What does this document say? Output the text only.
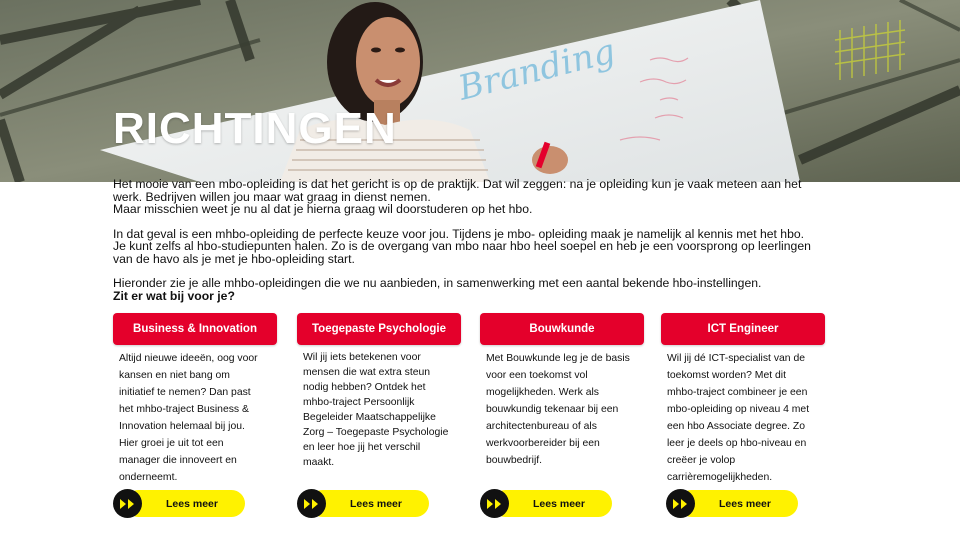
Branding
RICHTINGEN

Het mooie van een mbo-opleiding is dat het gericht is op de praktijk. Dat wil zeggen: na je opleiding kun je vaak meteen aan het
werk. Bedrijven willen jou maar wat graag in dienst nemen.
Maar misschien weet je nu al dat je hierna graag wil doorstuderen op het hbo.

In dat geval is een mhbo-opleiding de perfecte keuze voor jou. Tijdens je mbo- opleiding maak je namelijk al kennis met het hbo.
Je kunt zelfs al hbo-studiepunten halen. Zo is de overgang van mbo naar hbo heel soepel en heb je een voorsprong op leerlingen
van de havo als je met je hbo-opleiding start.

Hieronder zie je alle mhbo-opleidingen die we nu aanbieden, in samenwerking met een aantal bekende hbo-instellingen.
Zit er wat bij voor je?

Business & Innovation
Altijd nieuwe ideeën, oog voor
kansen en niet bang om
initiatief te nemen? Dan past
het mhbo-traject Business &
Innovation helemaal bij jou.
Hier groei je uit tot een
manager die innoveert en
onderneemt.
Lees meer
Toegepaste Psychologie
Wil jij iets betekenen voor
mensen die wat extra steun
nodig hebben? Ontdek het
mhbo-traject Persoonlijk
Begeleider Maatschappelijke
Zorg – Toegepaste Psychologie
en leer hoe jij het verschil
maakt.
Lees meer
Bouwkunde
Met Bouwkunde leg je de basis
voor een toekomst vol
mogelijkheden. Werk als
bouwkundig tekenaar bij een
architectenbureau of als
werkvoorbereider bij een
bouwbedrijf.
Lees meer
ICT Engineer
Wil jij dé ICT-specialist van de
toekomst worden? Met dit
mhbo-traject combineer je een
mbo-opleiding op niveau 4 met
een hbo Associate degree. Zo
leer je deels op hbo-niveau en
creëer je volop
carrièremogelijkheden.
Lees meer
